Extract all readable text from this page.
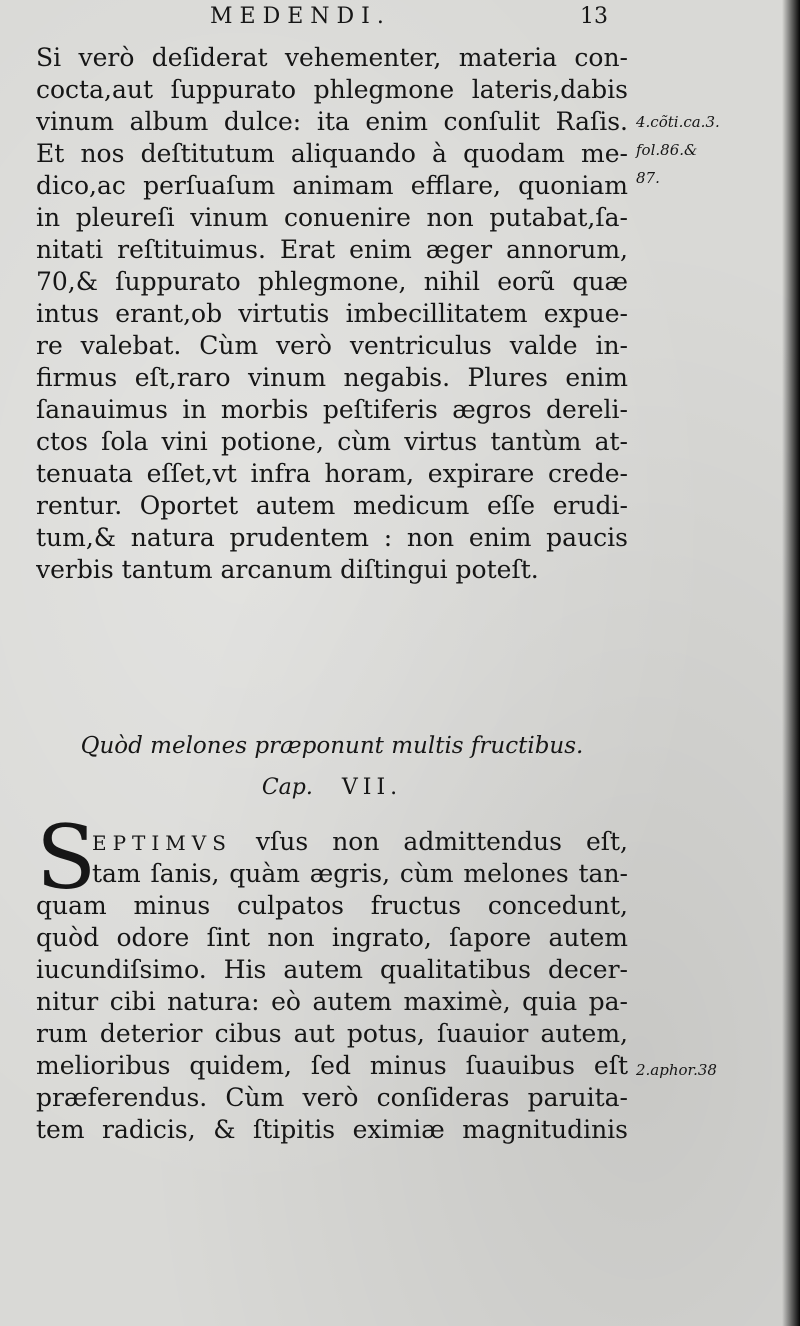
MEDENDI.	13
Si verò deſiderat vehementer, materia con-
cocta,aut ſuppurato phlegmone lateris,dabis
vinum album dulce: ita enim conſulit Raſis.
Et nos deſtitutum aliquando à quodam me-
dico,ac perſuaſum animam efflare, quoniam
in pleureſi vinum conuenire non putabat,ſa-
nitati reſtituimus. Erat enim æger annorum,
70,& ſuppurato phlegmone, nihil eorũ quæ
intus erant,ob virtutis imbecillitatem expue-
re valebat. Cùm verò ventriculus valde in-
firmus eſt,raro vinum negabis. Plures enim
ſanauimus in morbis peſtiferis ægros dereli-
ctos ſola vini potione, cùm virtus tantùm at-
tenuata eſſet,vt infra horam, expirare crede-
rentur. Oportet autem medicum eſſe erudi-
tum,& natura prudentem : non enim paucis
verbis tantum arcanum diſtingui poteſt.
Quòd melones præponunt multis fructibus.
Cap. VII.
S
EPTIMVS vſus non admittendus eſt,
tam ſanis, quàm ægris, cùm melones tan-
quam minus culpatos fructus concedunt,
quòd odore ſint non ingrato, ſapore autem
iucundiſsimo. His autem qualitatibus decer-
nitur cibi natura: eò autem maximè, quia pa-
rum deterior cibus aut potus, ſuauior autem,
melioribus quidem, ſed minus ſuauibus eſt
præferendus. Cùm verò conſideras paruita-
tem radicis, & ſtipitis eximiæ magnitudinis
4.cõti.ca.3.
fol.86.&
87.
2.aphor.38
